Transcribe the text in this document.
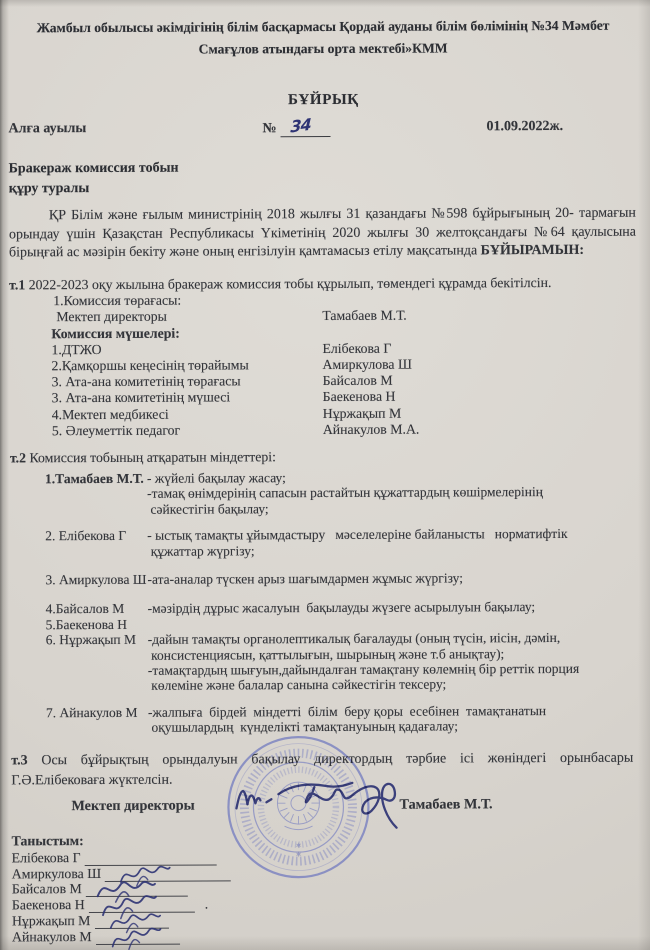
Жамбыл обылысы әкімдігінің білім басқармасы Қордай ауданы білім бөлімінің №34 Мәмбет
Смағұлов атындағы орта мектебі»КММ
БҰЙРЫҚ
Алға ауылы	№ 34	01.09.2022ж.
Бракераж комиссия тобын
құру туралы
ҚР Білім және ғылым министрінің 2018 жылғы 31 қазандағы №598 бұйрығының 20- тармағын орындау үшін Қазақстан Республикасы Үкіметінің 2020 жылғы 30 желтоқсандағы №64 қаулысына бірыңғай ас мәзірін бекіту және оның енгізілуін қамтамасыз етілу мақсатында БҰЙЫРАМЫН:
т.1 2022-2023 оқу жылына бракераж комиссия тобы құрылып, төмендегі құрамда бекітілсін.
1.Комиссия төрағасы:
Мектеп директоры	Тамабаев М.Т.
Комиссия мүшелері:
1.ДТЖО	Елібекова Г
2.Қамқоршы кеңесінің төрайымы	Амиркулова Ш
3. Ата-ана комитетінің төрағасы	Байсалов М
3. Ата-ана комитетінің мүшесі	Баекенова Н
4.Мектеп медбикесі	Нұржақып М
5. Әлеуметтік педагог	Айнакулов М.А.
т.2 Комиссия тобының атқаратын міндеттері:
1.Тамабаев М.Т. - жүйелі бақылау жасау;
-тамақ өнімдерінің сапасын растайтын құжаттардың көшірмелерінің
сәйкестігін бақылау;
2. Елібекова Г	- ыстық тамақты ұйымдастыру   мәселелеріне байланысты   норматифтік
құжаттар жүргізу;
3. Амиркулова Ш -ата-аналар түскен арыз шағымдармен жұмыс жүргізу;
4.Байсалов М	-мәзірдің дұрыс жасалуын  бақылауды жүзеге асырылуын бақылау;
5.Баекенова Н
6. Нұржақып М -дайын тамақты органолептикалық бағалауды (оның түсін, иісін, дәмін,
консистенциясын, қаттылығын, шырының және т.б анықтау);
-тамақтардың шығуын,дайындалған тамақтану көлемнің бір реттік порция
көлеміне және балалар санына сәйкестігін тексеру;
7. Айнакулов М -жалпыға  бірдей  міндетті  білім  беру қоры  есебінен  тамақтанатын
оқушылардың  күнделікті тамақтануының қадағалау;
т.3 Осы бұйрықтың орындалуын бақылау директордың тәрбие ісі жөніндегі орынбасары Г.Ә.Елібековаға жүктелсін.
Мектеп директоры	Тамабаев М.Т.
✶
✶
Таныстым:
Елібекова Г
Амиркулова Ш
Байсалов М
Баекенова Н	.
Нұржақып М
Айнакулов М
